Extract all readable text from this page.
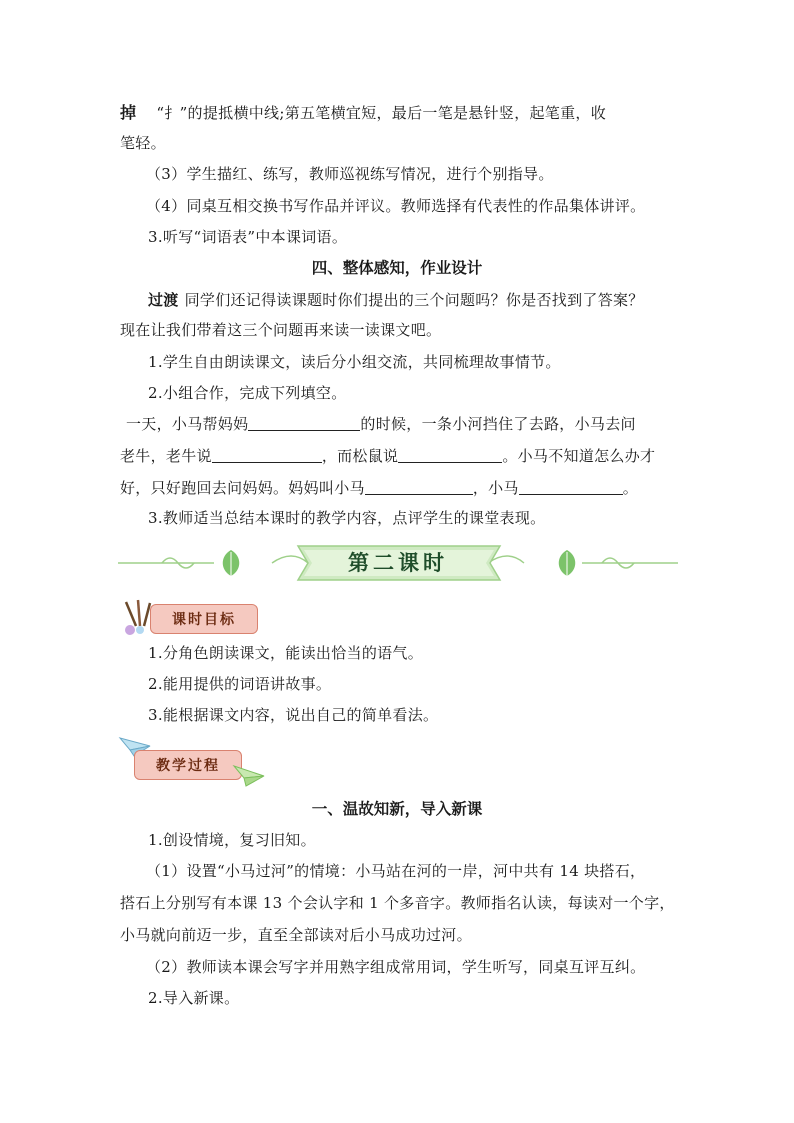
掉 “扌”的提抵横中线;第五笔横宜短，最后一笔是悬针竖，起笔重，收
笔轻。
（3）学生描红、练写，教师巡视练写情况，进行个别指导。
（4）同桌互相交换书写作品并评议。教师选择有代表性的作品集体讲评。
3.听写“词语表”中本课词语。
四、整体感知，作业设计
过渡 同学们还记得读课题时你们提出的三个问题吗？你是否找到了答案？
现在让我们带着这三个问题再来读一读课文吧。
1.学生自由朗读课文，读后分小组交流，共同梳理故事情节。
2.小组合作，完成下列填空。
一天，小马帮妈妈	的时候，一条小河挡住了去路，小马去问
老牛，老牛说	，而松鼠说	。小马不知道怎么办才
好，只好跑回去问妈妈。妈妈叫小马	，小马	。
3.教师适当总结本课时的教学内容，点评学生的课堂表现。
第二课时
课时目标
1.分角色朗读课文，能读出恰当的语气。
2.能用提供的词语讲故事。
3.能根据课文内容，说出自己的简单看法。
教学过程
一、温故知新，导入新课
1.创设情境，复习旧知。
（1）设置“小马过河”的情境：小马站在河的一岸，河中共有 14 块搭石，
搭石上分别写有本课 13 个会认字和 1 个多音字。教师指名认读，每读对一个字，
小马就向前迈一步，直至全部读对后小马成功过河。
（2）教师读本课会写字并用熟字组成常用词，学生听写，同桌互评互纠。
2.导入新课。
